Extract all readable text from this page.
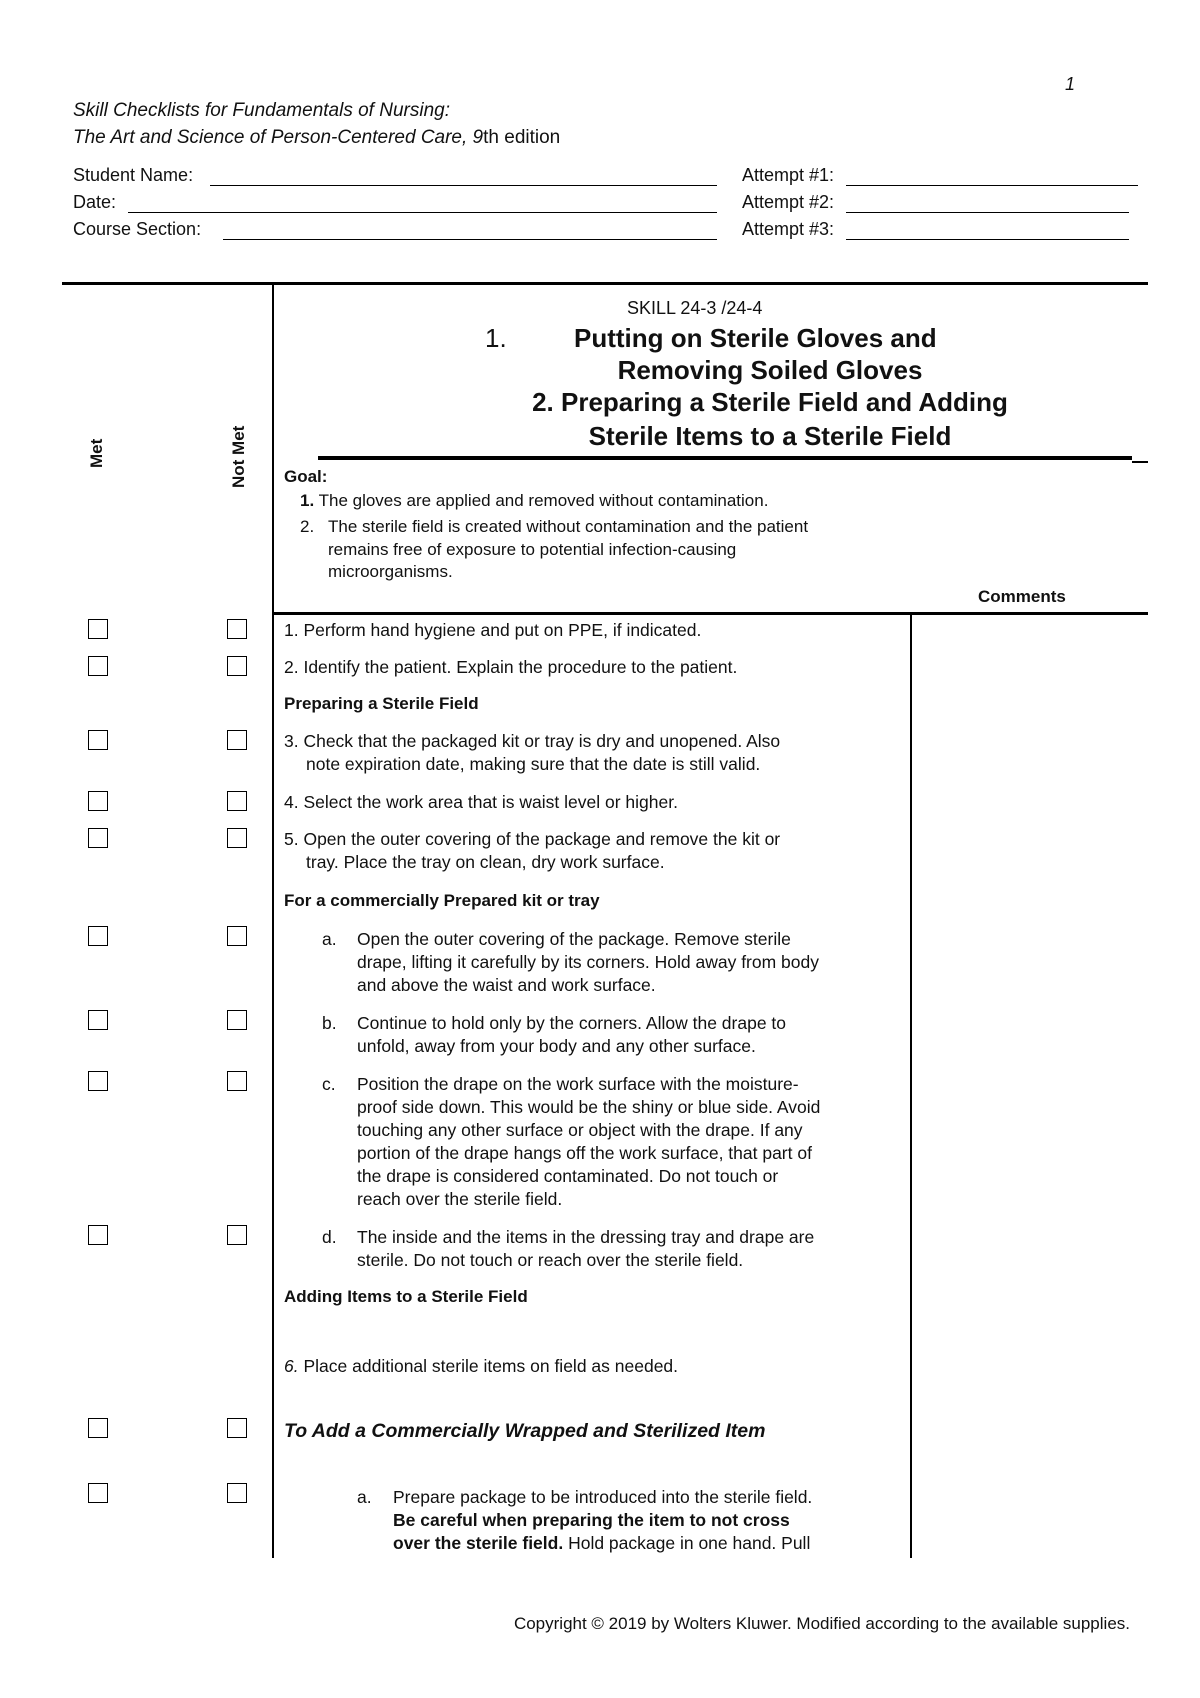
1
Skill Checklists for Fundamentals of Nursing:
The Art and Science of Person-Centered Care, 9th edition
Student Name:
Date:
Course Section:
Attempt #1:
Attempt #2:
Attempt #3:
Met	Not Met
SKILL 24-3 /24-4
1.	Putting on Sterile Gloves and
Removing Soiled Gloves
2. Preparing a Sterile Field and Adding
Sterile Items to a Sterile Field
Goal:
1. The gloves are applied and removed without contamination.
2. The sterile field is created without contamination and the patient
remains free of exposure to potential infection-causing
microorganisms.
Comments
1. Perform hand hygiene and put on PPE, if indicated.
2. Identify the patient. Explain the procedure to the patient.
Preparing a Sterile Field
3. Check that the packaged kit or tray is dry and unopened. Also
note expiration date, making sure that the date is still valid.
4. Select the work area that is waist level or higher.
5. Open the outer covering of the package and remove the kit or
tray. Place the tray on clean, dry work surface.
For a commercially Prepared kit or tray
a. Open the outer covering of the package. Remove sterile
drape, lifting it carefully by its corners. Hold away from body
and above the waist and work surface.
b. Continue to hold only by the corners. Allow the drape to
unfold, away from your body and any other surface.
c. Position the drape on the work surface with the moisture-
proof side down. This would be the shiny or blue side. Avoid
touching any other surface or object with the drape. If any
portion of the drape hangs off the work surface, that part of
the drape is considered contaminated. Do not touch or
reach over the sterile field.
d. The inside and the items in the dressing tray and drape are
sterile. Do not touch or reach over the sterile field.
Adding Items to a Sterile Field
6. Place additional sterile items on field as needed.
To Add a Commercially Wrapped and Sterilized Item
a. Prepare package to be introduced into the sterile field.
Be careful when preparing the item to not cross
over the sterile field. Hold package in one hand. Pull
Copyright © 2019 by Wolters Kluwer. Modified according to the available supplies.
